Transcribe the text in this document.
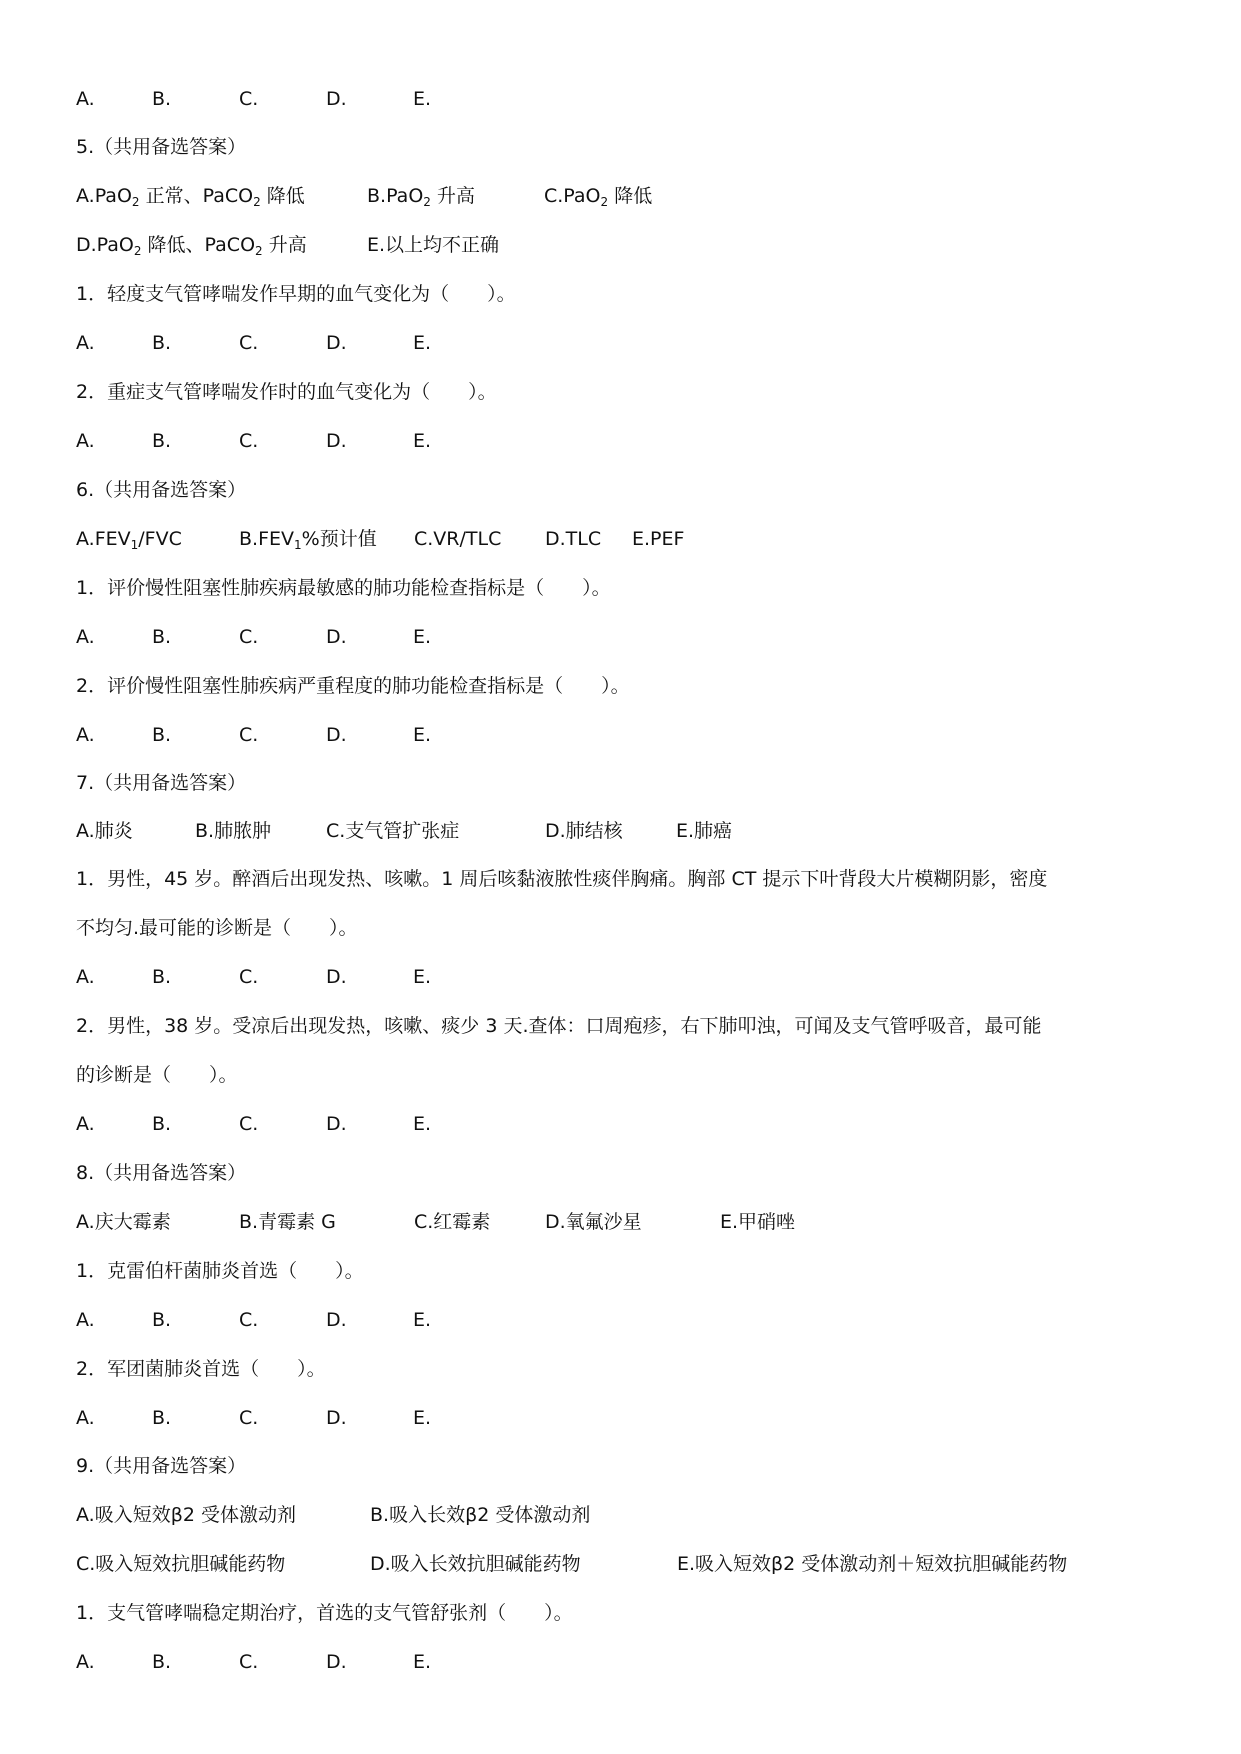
A.	B.	C.	D.	E.
5.（共用备选答案）
A.PaO$_2$ 正常、PaCO$_2$ 降低	B.PaO$_2$ 升高	C.PaO$_2$ 降低
D.PaO$_2$ 降低、PaCO$_2$ 升高	E.以上均不正确
1．轻度支气管哮喘发作早期的血气变化为（　　）。
A.	B.	C.	D.	E.
2．重症支气管哮喘发作时的血气变化为（　　）。
A.	B.	C.	D.	E.
6.（共用备选答案）
$A.FEV_1$/FVC	$B.FEV_1\%$预计值 C.VR/TLC D.TLC E.PEF
1．评价慢性阻塞性肺疾病最敏感的肺功能检查指标是（　　）。
A.	B.	C.	D.	E.
2．评价慢性阻塞性肺疾病严重程度的肺功能检查指标是（　　）。
A.	B.	C.	D.	E.
7.（共用备选答案）
A.肺炎	B.肺脓肿	C.支气管扩张症	D.肺结核	E.肺癌
1．男性，45 岁。醉酒后出现发热、咳嗽。1 周后咳黏液脓性痰伴胸痛。胸部 CT 提示下叶背段大片模糊阴影，密度
不均匀.最可能的诊断是（　　）。
A.	B.	C.	D.	E.
2．男性，38 岁。受凉后出现发热，咳嗽、痰少 3 天.查体：口周疱疹，右下肺叩浊，可闻及支气管呼吸音，最可能
的诊断是（　　）。
A.	B.	C.	D.	E.
8.（共用备选答案）
A.庆大霉素	B.青霉素 G	C.红霉素	D.氧氟沙星	E.甲硝唑
1．克雷伯杆菌肺炎首选（　　）。
A.	B.	C.	D.	E.
2．军团菌肺炎首选（　　）。
A.	B.	C.	D.	E.
9.（共用备选答案）
A.吸入短效β2 受体激动剂	B.吸入长效β2 受体激动剂
C.吸入短效抗胆碱能药物	D.吸入长效抗胆碱能药物	E.吸入短效β2 受体激动剂＋短效抗胆碱能药物
1．支气管哮喘稳定期治疗，首选的支气管舒张剂（　　）。
A.	B.	C.	D.	E.
